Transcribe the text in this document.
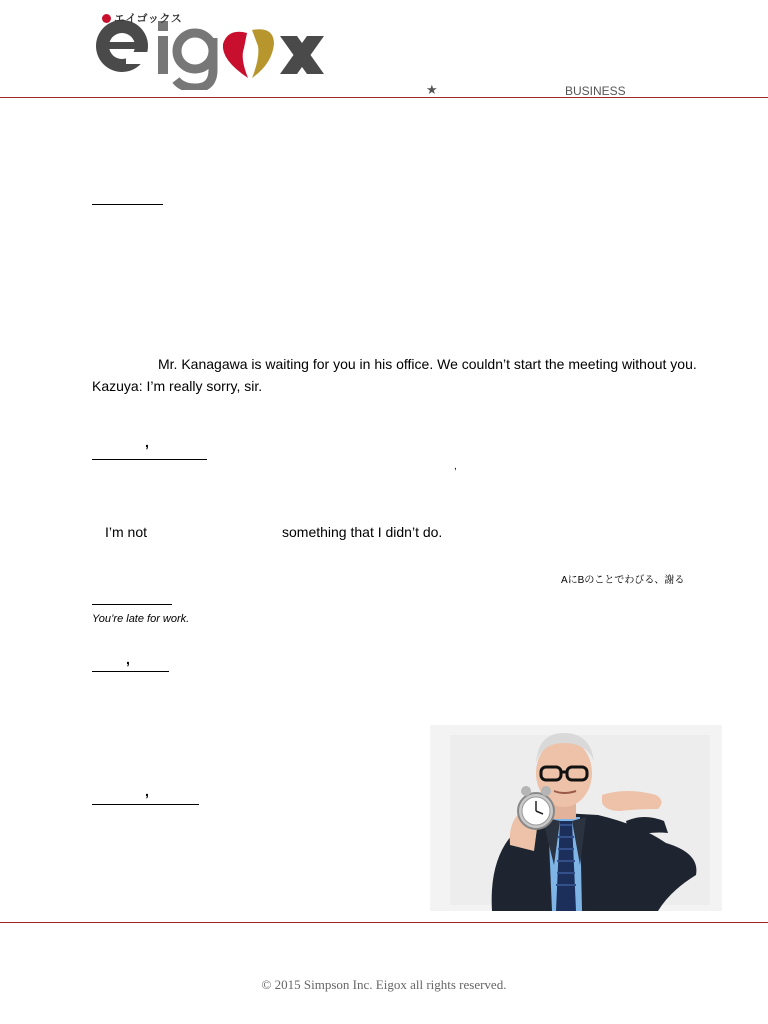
エイゴックス
★	BUSINESS
Mr. Kanagawa is waiting for you in his office. We couldn’t start the meeting without you.
Kazuya: I’m really sorry, sir.
,
,
I’m not	something that I didn’t do.
AにBのことでわびる、謝る
You’re late for work.
,
,
© 2015 Simpson Inc. Eigox all rights reserved.
